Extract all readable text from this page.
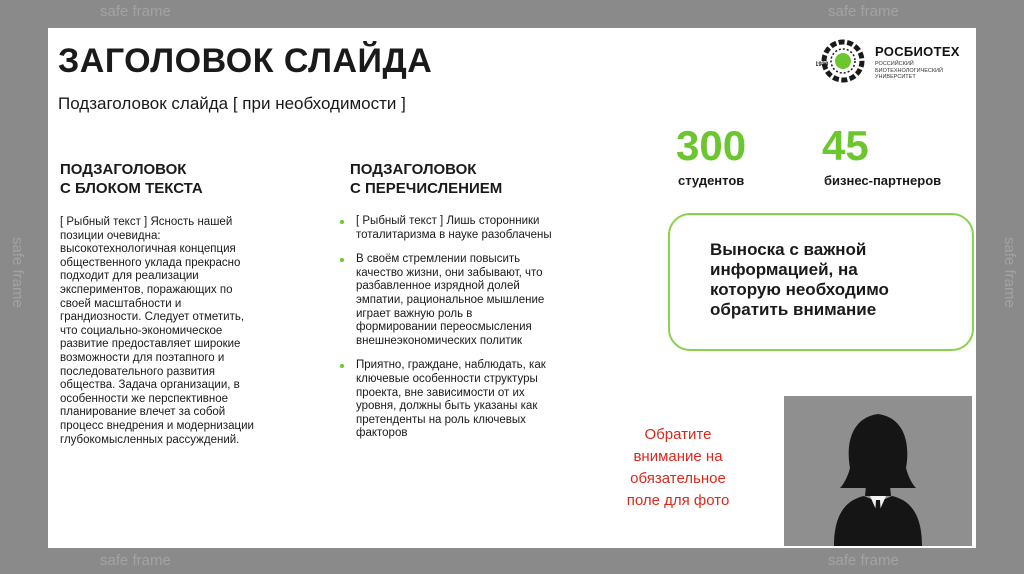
safe frame	safe frame
safe frame	safe frame
safe frame	safe frame
ЗАГОЛОВОК СЛАЙДА

Подзаголовок слайда [ при необходимости ]

1930
РОСБИОТЕХ
РОССИЙСКИЙ
БИОТЕХНОЛОГИЧЕСКИЙ
УНИВЕРСИТЕТ
ПОДЗАГОЛОВОК
С БЛОКОМ ТЕКСТА
[ Рыбный текст ] Ясность нашей
позиции очевидна:
высокотехнологичная концепция
общественного уклада прекрасно
подходит для реализации
экспериментов, поражающих по
своей масштабности и
грандиозности. Следует отметить,
что социально-экономическое
развитие предоставляет широкие
возможности для поэтапного и
последовательного развития
общества. Задача организации, в
особенности же перспективное
планирование влечет за собой
процесс внедрения и модернизации
глубокомысленных рассуждений.
ПОДЗАГОЛОВОК
С ПЕРЕЧИСЛЕНИЕМ
[ Рыбный текст ] Лишь сторонники
тоталитаризма в науке разоблачены
В своём стремлении повысить
качество жизни, они забывают, что
разбавленное изрядной долей
эмпатии, рациональное мышление
играет важную роль в
формировании переосмысления
внешнеэкономических политик
Приятно, граждане, наблюдать, как
ключевые особенности структуры
проекта, вне зависимости от их
уровня, должны быть указаны как
претенденты на роль ключевых
факторов
300
студентов
45
бизнес-партнеров
Выноска с важной
информацией, на
которую необходимо
обратить внимание
Обратите
внимание на
обязательное
поле для фото
